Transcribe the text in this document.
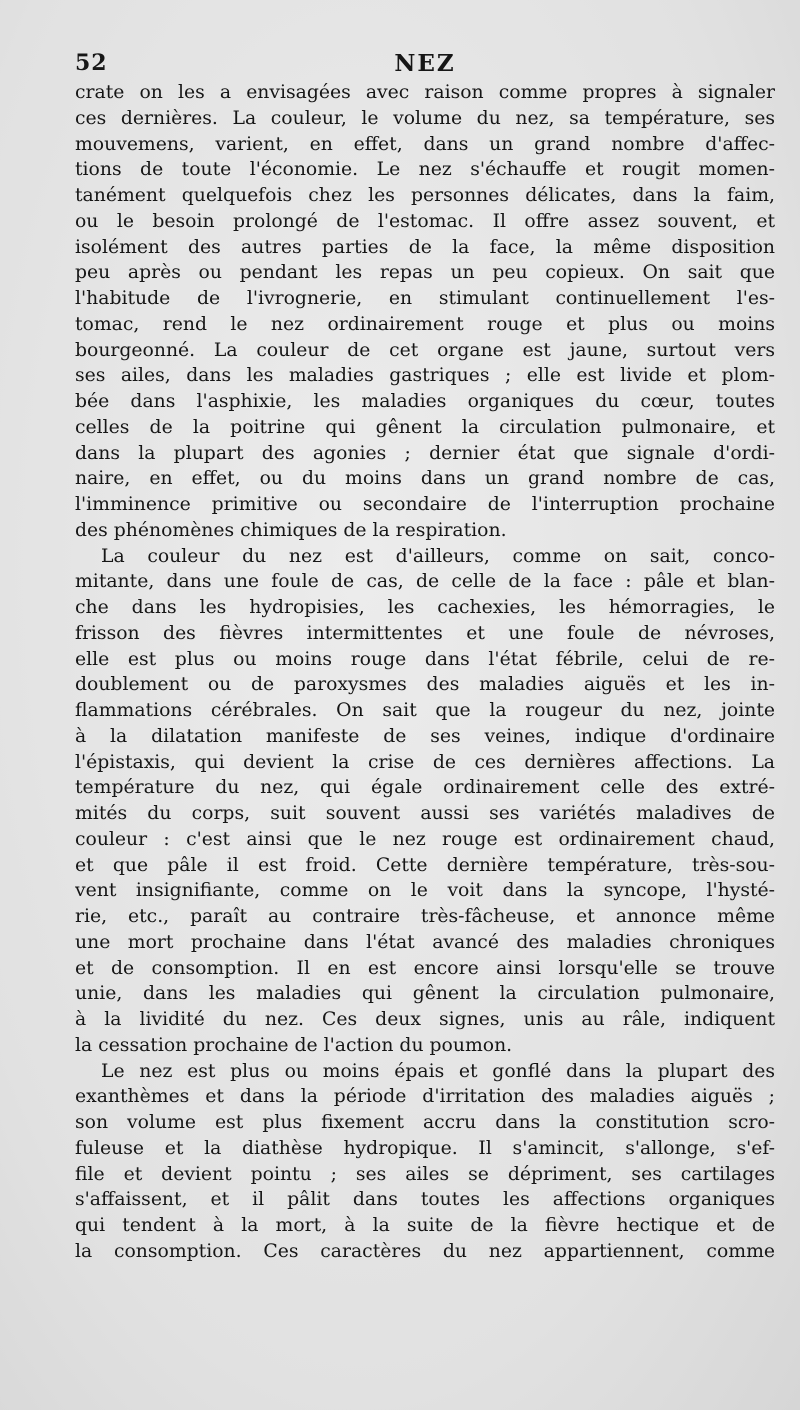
52	NEZ
crate on les a envisagées avec raison comme propres à signaler
ces dernières. La couleur, le volume du nez, sa température, ses
mouvemens, varient, en effet, dans un grand nombre d'affec-
tions de toute l'économie. Le nez s'échauffe et rougit momen-
tanément quelquefois chez les personnes délicates, dans la faim,
ou le besoin prolongé de l'estomac. Il offre assez souvent, et
isolément des autres parties de la face, la même disposition
peu après ou pendant les repas un peu copieux. On sait que
l'habitude de l'ivrognerie, en stimulant continuellement l'es-
tomac, rend le nez ordinairement rouge et plus ou moins
bourgeonné. La couleur de cet organe est jaune, surtout vers
ses ailes, dans les maladies gastriques ; elle est livide et plom-
bée dans l'asphixie, les maladies organiques du cœur, toutes
celles de la poitrine qui gênent la circulation pulmonaire, et
dans la plupart des agonies ; dernier état que signale d'ordi-
naire, en effet, ou du moins dans un grand nombre de cas,
l'imminence primitive ou secondaire de l'interruption prochaine
des phénomènes chimiques de la respiration.
La couleur du nez est d'ailleurs, comme on sait, conco-
mitante, dans une foule de cas, de celle de la face : pâle et blan-
che dans les hydropisies, les cachexies, les hémorragies, le
frisson des fièvres intermittentes et une foule de névroses,
elle est plus ou moins rouge dans l'état fébrile, celui de re-
doublement ou de paroxysmes des maladies aiguës et les in-
flammations cérébrales. On sait que la rougeur du nez, jointe
à la dilatation manifeste de ses veines, indique d'ordinaire
l'épistaxis, qui devient la crise de ces dernières affections. La
température du nez, qui égale ordinairement celle des extré-
mités du corps, suit souvent aussi ses variétés maladives de
couleur : c'est ainsi que le nez rouge est ordinairement chaud,
et que pâle il est froid. Cette dernière température, très-sou-
vent insignifiante, comme on le voit dans la syncope, l'hysté-
rie, etc., paraît au contraire très-fâcheuse, et annonce même
une mort prochaine dans l'état avancé des maladies chroniques
et de consomption. Il en est encore ainsi lorsqu'elle se trouve
unie, dans les maladies qui gênent la circulation pulmonaire,
à la lividité du nez. Ces deux signes, unis au râle, indiquent
la cessation prochaine de l'action du poumon.
Le nez est plus ou moins épais et gonflé dans la plupart des
exanthèmes et dans la période d'irritation des maladies aiguës ;
son volume est plus fixement accru dans la constitution scro-
fuleuse et la diathèse hydropique. Il s'amincit, s'allonge, s'ef-
file et devient pointu ; ses ailes se dépriment, ses cartilages
s'affaissent, et il pâlit dans toutes les affections organiques
qui tendent à la mort, à la suite de la fièvre hectique et de
la consomption. Ces caractères du nez appartiennent, comme
